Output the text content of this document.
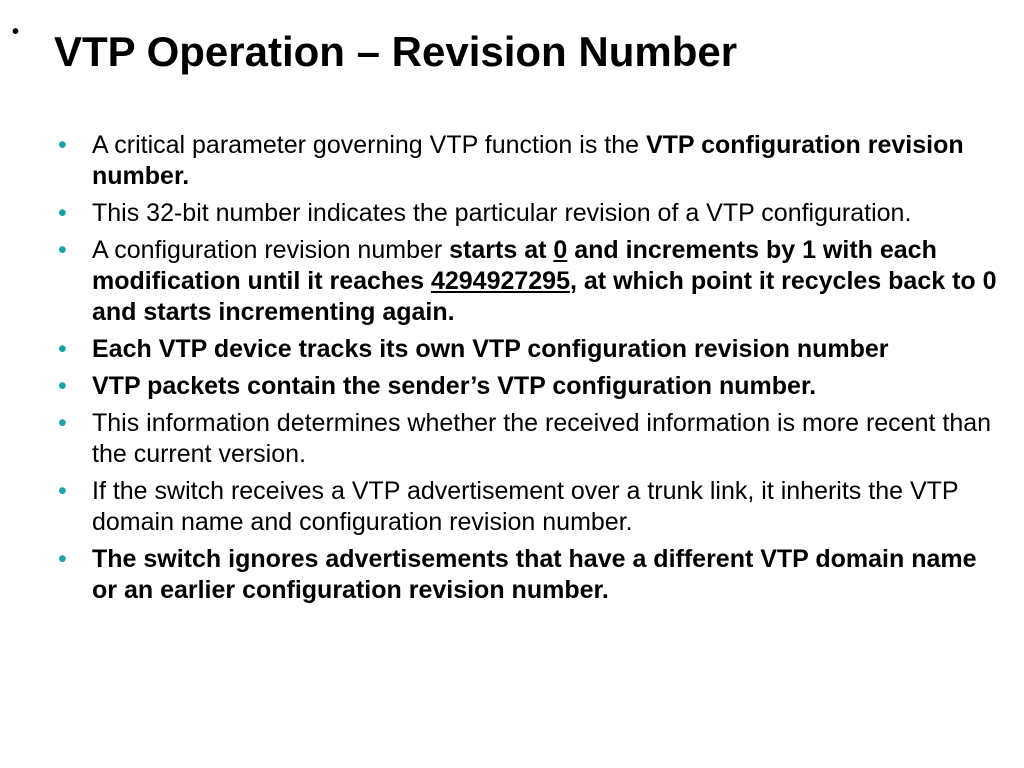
• VTP Operation – Revision Number
• A critical parameter governing VTP function is the VTP configuration revision number.
• This 32-bit number indicates the particular revision of a VTP configuration.
• A configuration revision number starts at 0 and increments by 1 with each modification until it reaches 4294927295, at which point it recycles back to 0 and starts incrementing again.
• Each VTP device tracks its own VTP configuration revision number
• VTP packets contain the sender’s VTP configuration number.
• This information determines whether the received information is more recent than the current version.
• If the switch receives a VTP advertisement over a trunk link, it inherits the VTP domain name and configuration revision number.
• The switch ignores advertisements that have a different VTP domain name or an earlier configuration revision number.
